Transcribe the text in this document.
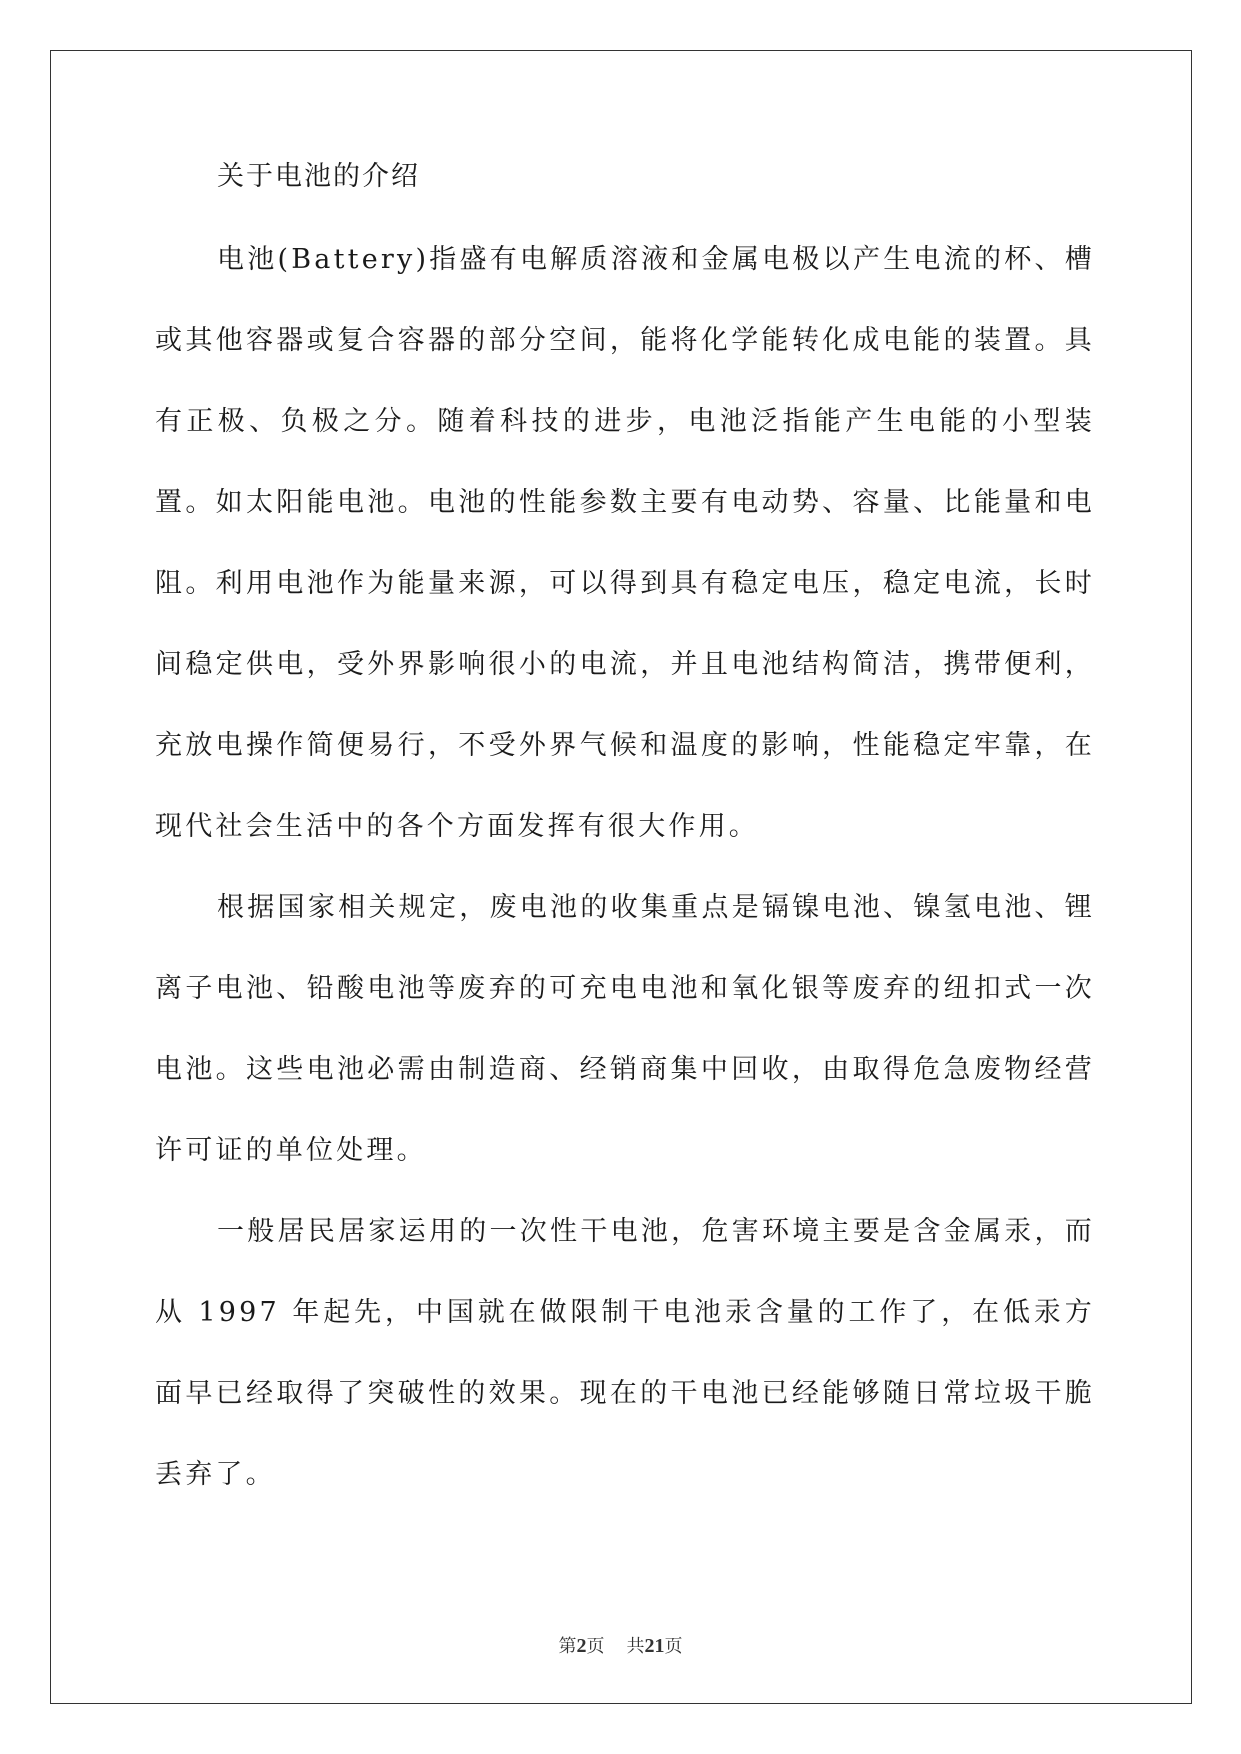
关于电池的介绍

电池(Battery)指盛有电解质溶液和金属电极以产生电流的杯、槽或其他容器或复合容器的部分空间，能将化学能转化成电能的装置。具有正极、负极之分。随着科技的进步，电池泛指能产生电能的小型装置。如太阳能电池。电池的性能参数主要有电动势、容量、比能量和电阻。利用电池作为能量来源，可以得到具有稳定电压，稳定电流，长时间稳定供电，受外界影响很小的电流，并且电池结构简洁，携带便利，充放电操作简便易行，不受外界气候和温度的影响，性能稳定牢靠，在现代社会生活中的各个方面发挥有很大作用。

根据国家相关规定，废电池的收集重点是镉镍电池、镍氢电池、锂离子电池、铅酸电池等废弃的可充电电池和氧化银等废弃的纽扣式一次电池。这些电池必需由制造商、经销商集中回收，由取得危急废物经营许可证的单位处理。

一般居民居家运用的一次性干电池，危害环境主要是含金属汞，而从 1997 年起先，中国就在做限制干电池汞含量的工作了，在低汞方面早已经取得了突破性的效果。现在的干电池已经能够随日常垃圾干脆丢弃了。

第2页 共21页
